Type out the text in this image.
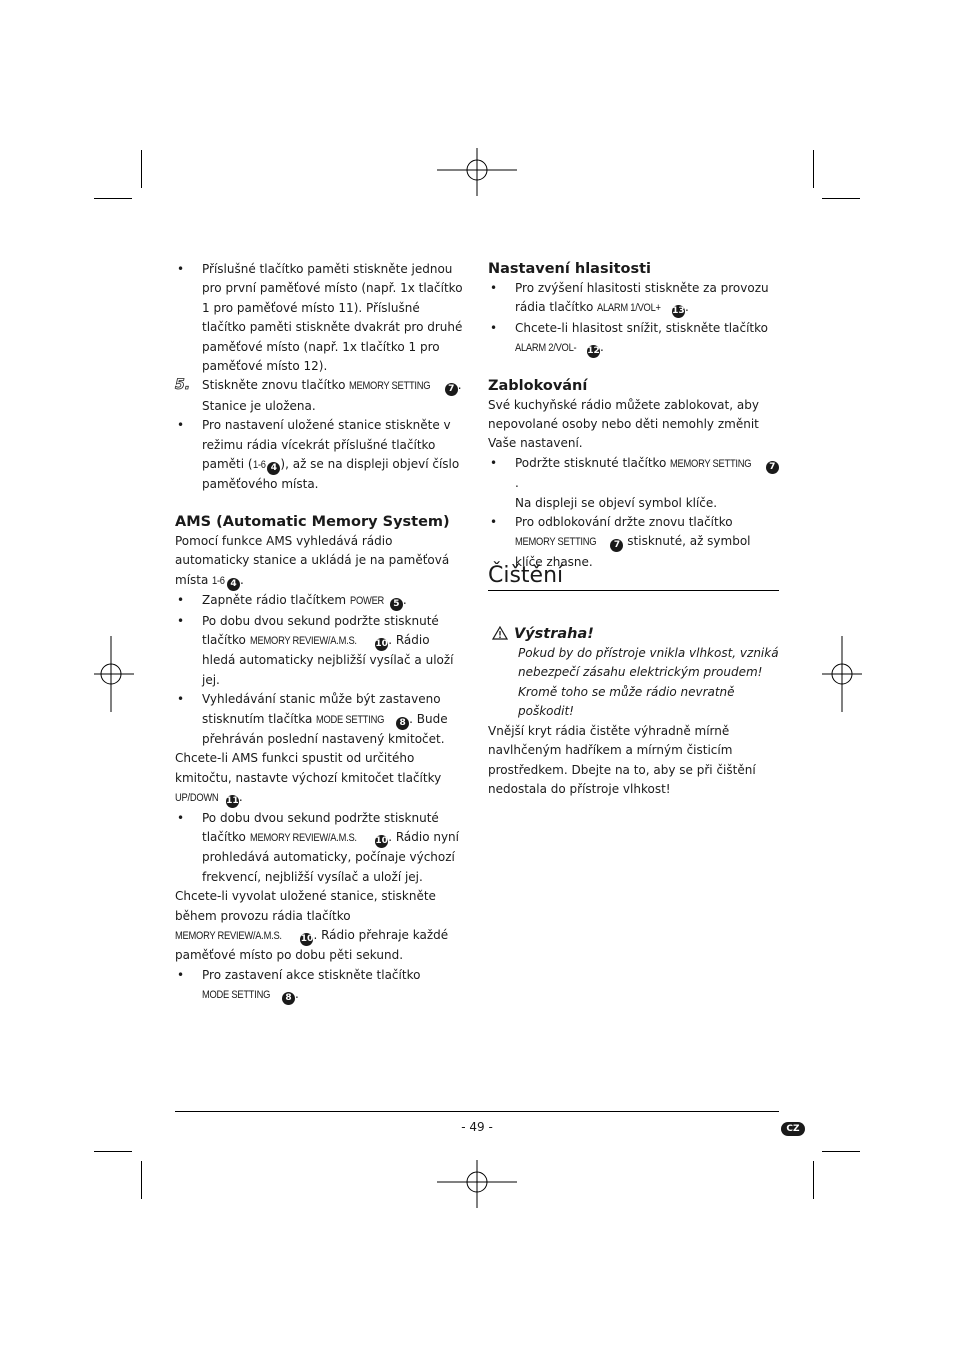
• Příslušné tlačítko paměti stiskněte jednou pro první paměťové místo (např. 1x tlačítko 1 pro paměťové místo 11). Příslušné tlačítko paměti stiskněte dvakrát pro druhé paměťové místo (např. 1x tlačítko 1 pro paměťové místo 12).
5. Stiskněte znovu tlačítko MEMORY SETTING 7 .
Stanice je uložena.
• Pro nastavení uložené stanice stiskněte v režimu rádia vícekrát příslušné tlačítko paměti (1-6 4 ), až se na displeji objeví číslo paměťového místa.
AMS (Automatic Memory System)
Pomocí funkce AMS vyhledává rádio automaticky stanice a ukládá je na paměťová místa 1-6 4 .
• Zapněte rádio tlačítkem POWER 5 .
• Po dobu dvou sekund podržte stisknuté tlačítko MEMORY REVIEW/A.M.S. 10. Rádio hledá automaticky nejbližší vysílač a uloží jej.
• Vyhledávání stanic může být zastaveno stisknutím tlačítka MODE SETTING 8 . Bude přehráván poslední nastavený kmitočet.
Chcete-li AMS funkci spustit od určitého kmitočtu, nastavte výchozí kmitočet tlačítky UP/DOWN 11.
• Po dobu dvou sekund podržte stisknuté tlačítko MEMORY REVIEW/A.M.S. 10. Rádio nyní prohledává automaticky, počínaje výchozí frekvencí, nejbližší vysílač a uloží jej.
Chcete-li vyvolat uložené stanice, stiskněte během provozu rádia tlačítko MEMORY REVIEW/A.M.S. 10. Rádio přehraje každé paměťové místo po dobu pěti sekund.
• Pro zastavení akce stiskněte tlačítko
MODE SETTING 8 .
Nastavení hlasitosti
• Pro zvýšení hlasitosti stiskněte za provozu rádia tlačítko ALARM 1/VOL+ 13.
• Chcete-li hlasitost snížit, stiskněte tlačítko
ALARM 2/VOL- 12.
Zablokování
Své kuchyňské rádio můžete zablokovat, aby nepovolané osoby nebo děti nemohly změnit Vaše nastavení.
• Podržte stisknuté tlačítko MEMORY SETTING 7.
Na displeji se objeví symbol klíče.
• Pro odblokování držte znovu tlačítko MEMORY SETTING 7 stisknuté, až symbol klíče zhasne.
Čištění
Výstraha!
Pokud by do přístroje vnikla vlhkost, vzniká nebezpečí zásahu elektrickým proudem! Kromě toho se může rádio nevratně poškodit!
Vnější kryt rádia čistěte výhradně mírně navlhčeným hadříkem a mírným čisticím prostředkem. Dbejte na to, aby se při čištění nedostala do přístroje vlhkost!
- 49 -	CZ
